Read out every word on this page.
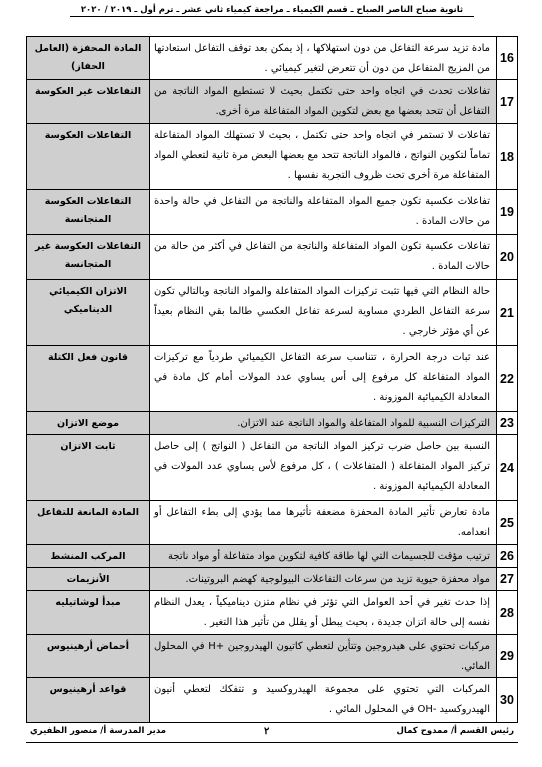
ثانوية صباح الناصر الصباح ـ قسم الكيمياء ـ مراجعة كيمياء ثاني عشر ـ ترم أول ـ ٢٠١٩ / ٢٠٢٠
16	مادة تزيد سرعة التفاعل من دون استهلاكها ، إذ يمكن بعد توقف التفاعل استعادتها من المزيج المتفاعل من دون أن تتعرض لتغير كيميائي .	المادة المحفزة (العامل الحفاز)
17	تفاعلات تحدث في اتجاه واحد حتى تكتمل بحيث لا تستطيع المواد الناتجة من التفاعل أن تتحد بعضها مع بعض لتكوين المواد المتفاعلة مرة أخرى.	التفاعلات غير العكوسة
18	تفاعلات لا تستمر في اتجاه واحد حتى تكتمل ، بحيث لا تستهلك المواد المتفاعلة تماماً لتكوين النواتج ، فالمواد الناتجة تتحد مع بعضها البعض مرة ثانية لتعطي المواد المتفاعلة مرة أخرى تحت ظروف التجربة نفسها .	التفاعلات العكوسة
19	تفاعلات عكسية تكون جميع المواد المتفاعلة والناتجة من التفاعل في حالة واحدة من حالات المادة .	التفاعلات العكوسة المتجانسة
20	تفاعلات عكسية تكون المواد المتفاعلة والناتجة من التفاعل في أكثر من حالة من حالات المادة .	التفاعلات العكوسة غير المتجانسة
21	حالة النظام التي فيها تثبت تركيزات المواد المتفاعلة والمواد الناتجة وبالتالي تكون سرعة التفاعل الطردي مساوية لسرعة تفاعل العكسي طالما بقي النظام بعيداً عن أي مؤثر خارجي .	الاتزان الكيميائي الديناميكي
22	عند ثبات درجة الحرارة ، تتناسب سرعة التفاعل الكيميائي طردياً مع تركيزات المواد المتفاعلة كل مرفوع إلى أس يساوي عدد المولات أمام كل مادة في المعادلة الكيميائية الموزونة .	قانون فعل الكتلة
23	التركيزات النسبية للمواد المتفاعلة والمواد الناتجة عند الاتزان.	موضع الاتزان
24	النسبة بين حاصل ضرب تركيز المواد الناتجة من التفاعل ( النواتج ) إلى حاصل تركيز المواد المتفاعلة ( المتفاعلات ) ، كل مرفوع لأس يساوي عدد المولات في المعادلة الكيميائية الموزونة .	ثابت الاتزان
25	مادة تعارض تأثير المادة المحفزة مضعفة تأثيرها مما يؤدي إلى بطء التفاعل أو انعدامه.	المادة المانعة للتفاعل
26	ترتيب مؤقت للجسيمات التي لها طاقة كافية لتكوين مواد متفاعلة أو مواد ناتجة	المركب المنشط
27	مواد محفزة حيوية تزيد من سرعات التفاعلات البيولوجية كهضم البروتينات.	الأنزيمات
28	إذا حدث تغير في أحد العوامل التي تؤثر في نظام متزن ديناميكياً ، يعدل النظام نفسه إلى حالة اتزان جديدة ، بحيث يبطل أو يقلل من تأثير هذا التغير .	مبدأ لوشاتيليه
29	مركبات تحتوي على هيدروجين وتتأين لتعطي كاتيون الهيدروجين +H في المحلول المائي.	أحماض أرهينيوس
30	المركبات التي تحتوي على مجموعة الهيدروكسيد و تتفكك لتعطي أنيون الهيدروكسيد -OH في المحلول المائي .	قواعد أرهينيوس
رئيس القسم أ/ ممدوح كمال
٢
مدير المدرسة أ/ منصور الظفيري
